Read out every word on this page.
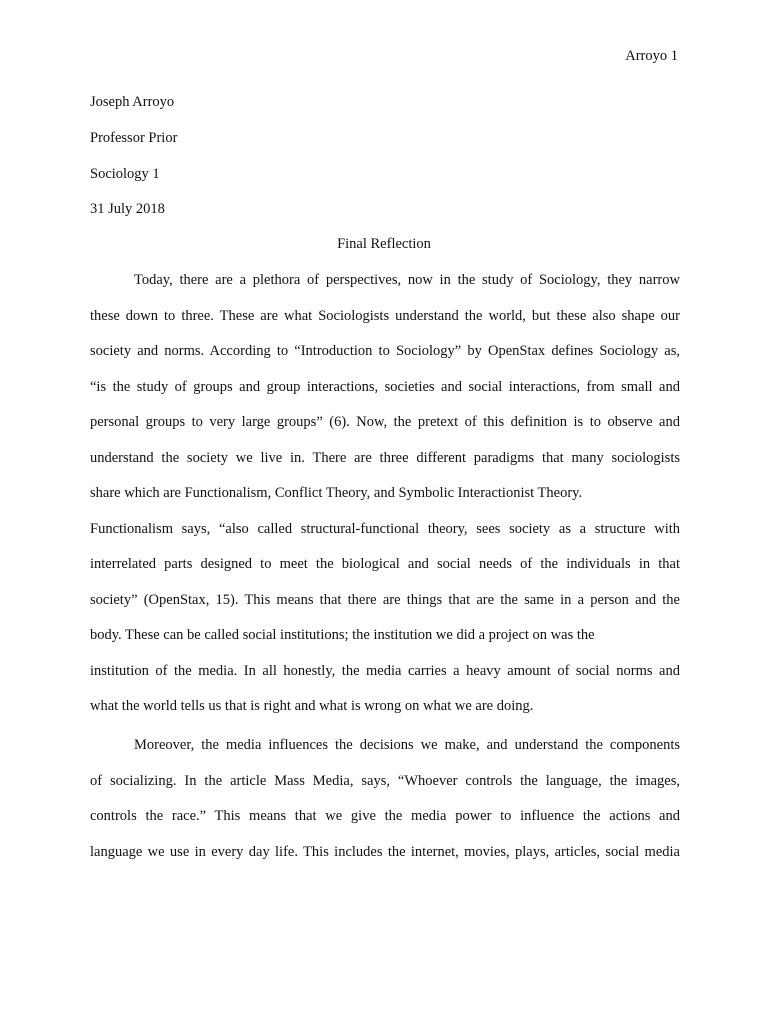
Arroyo 1
Joseph Arroyo
Professor Prior
Sociology 1
31 July 2018
Final Reflection
Today, there are a plethora of perspectives, now in the study of Sociology, they narrow
these down to three. These are what Sociologists understand the world, but these also shape our
society and norms. According to “Introduction to Sociology” by OpenStax defines Sociology as,
“is the study of groups and group interactions, societies and social interactions, from small and
personal groups to very large groups” (6). Now, the pretext of this definition is to observe and
understand the society we live in. There are three different paradigms that many sociologists
share which are Functionalism, Conflict Theory, and Symbolic Interactionist Theory.
Functionalism says, “also called structural-functional theory, sees society as a structure with
interrelated parts designed to meet the biological and social needs of the individuals in that
society” (OpenStax, 15). This means that there are things that are the same in a person and the
body. These can be called social institutions; the institution we did a project on was the
institution of the media. In all honestly, the media carries a heavy amount of social norms and
what the world tells us that is right and what is wrong on what we are doing.
Moreover, the media influences the decisions we make, and understand the components
of socializing. In the article Mass Media, says, “Whoever controls the language, the images,
controls the race.” This means that we give the media power to influence the actions and
language we use in every day life. This includes the internet, movies, plays, articles, social media
